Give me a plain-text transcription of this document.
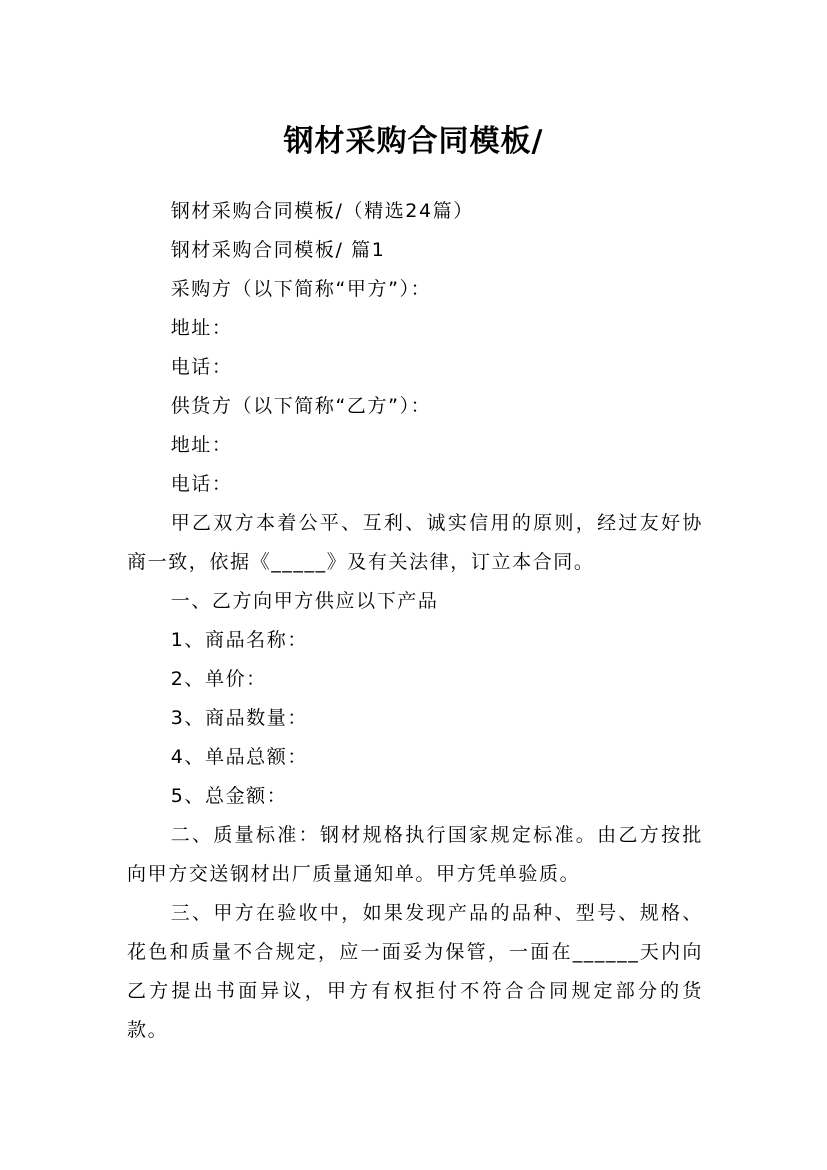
钢材采购合同模板/

钢材采购合同模板/（精选24篇）

钢材采购合同模板/ 篇1

采购方（以下简称“甲方”）：

地址：

电话：

供货方（以下简称“乙方”）：

地址：

电话：

甲乙双方本着公平、互利、诚实信用的原则，经过友好协商一致，依据《_____》及有关法律，订立本合同。

一、乙方向甲方供应以下产品

1、商品名称：

2、单价：

3、商品数量：

4、单品总额：

5、总金额：

二、质量标准：钢材规格执行国家规定标准。由乙方按批向甲方交送钢材出厂质量通知单。甲方凭单验质。

三、甲方在验收中，如果发现产品的品种、型号、规格、花色和质量不合规定，应一面妥为保管，一面在______天内向乙方提出书面异议，甲方有权拒付不符合合同规定部分的货款。
